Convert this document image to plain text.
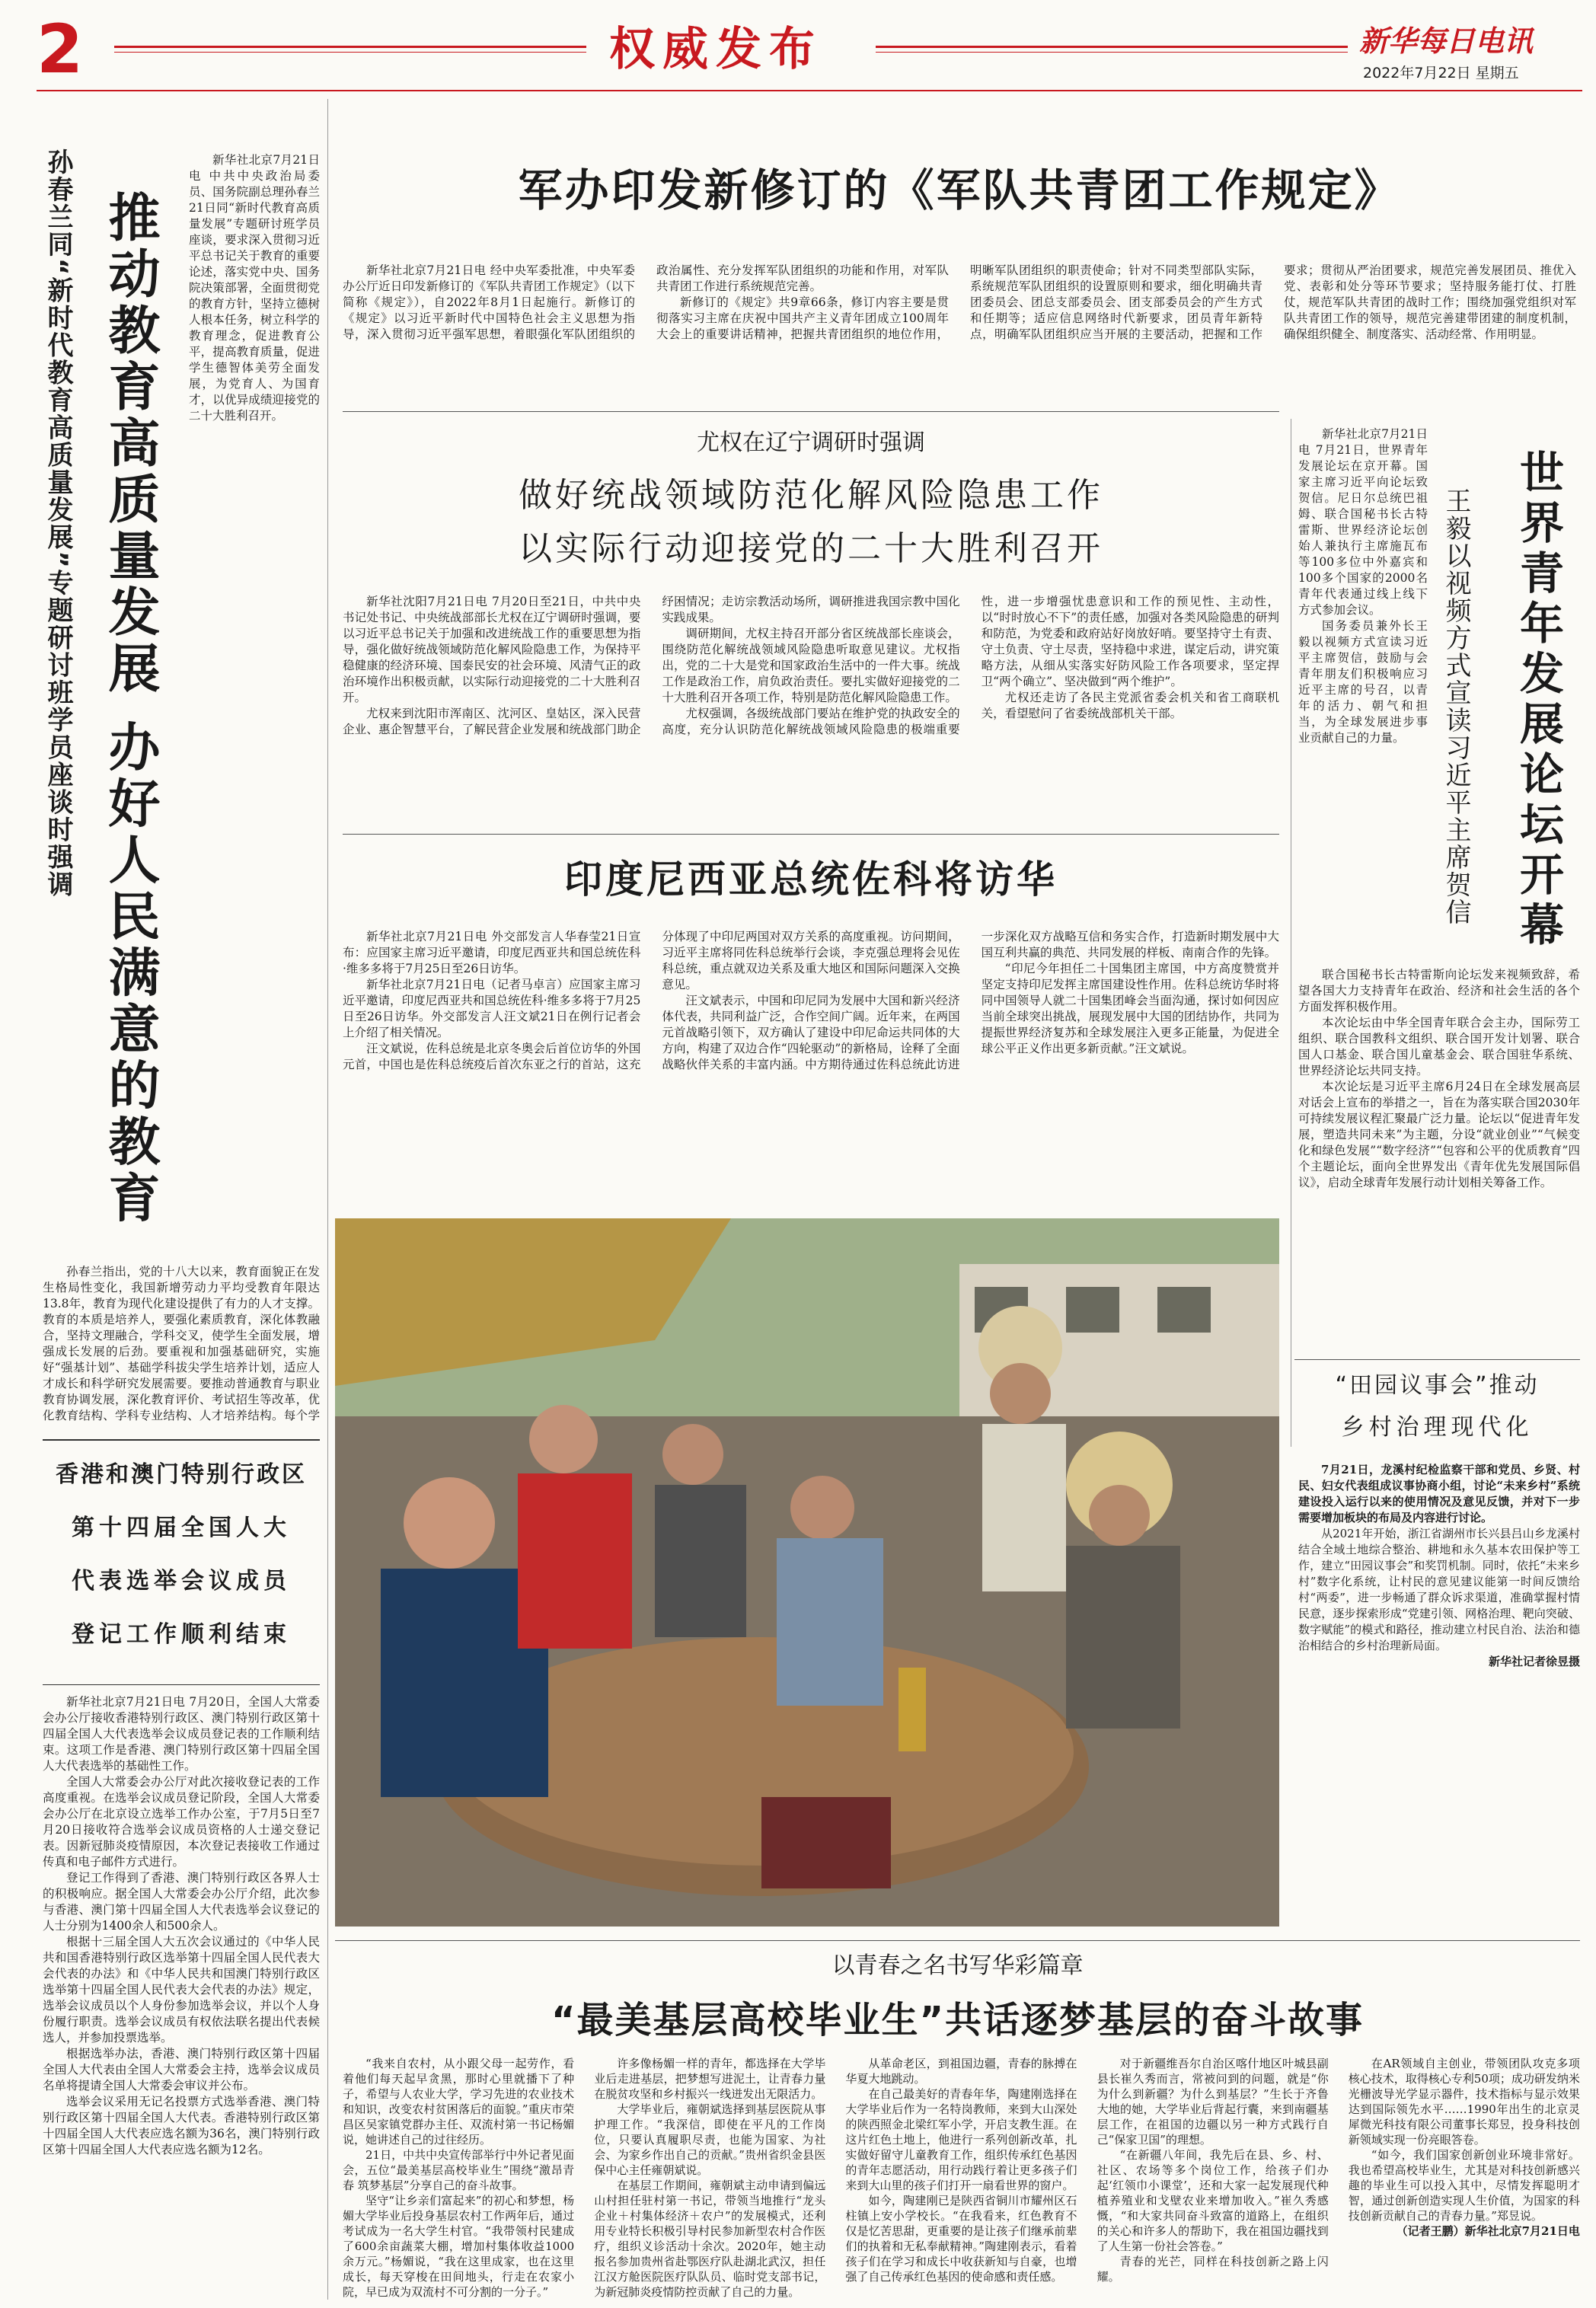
2	权威发布	新华每日电讯
2022年7月22日 星期五
孙春兰同“新时代教育高质量发展”专题研讨班学员座谈时强调 推动教育高质量发展 办好人民满意的教育

新华社北京7月21日电 中共中央政治局委员、国务院副总理孙春兰21日同“新时代教育高质量发展”专题研讨班学员座谈，要求深入贯彻习近平总书记关于教育的重要论述，落实党中央、国务院决策部署，全面贯彻党的教育方针，坚持立德树人根本任务，树立科学的教育理念，促进教育公平，提高教育质量，促进学生德智体美劳全面发展，为党育人、为国育才，以优异成绩迎接党的二十大胜利召开。

孙春兰指出，党的十八大以来，教育面貌正在发生格局性变化，我国新增劳动力平均受教育年限达13.8年，教育为现代化建设提供了有力的人才支撑。教育的本质是培养人，要强化素质教育，深化体教融合，坚持文理融合，学科交叉，使学生全面发展，增强成长发展的后劲。要重视和加强基础研究，实施好“强基计划”、基础学科拔尖学生培养计划，适应人才成长和科学研究发展需要。要推动普通教育与职业教育协调发展，深化教育评价、考试招生等改革，优化教育结构、学科专业结构、人才培养结构。每个学

香港和澳门特别行政区
第十四届全国人大
代表选举会议成员
登记工作顺利结束

新华社北京7月21日电 7月20日，全国人大常委会办公厅接收香港特别行政区、澳门特别行政区第十四届全国人大代表选举会议成员登记表的工作顺利结束。这项工作是香港、澳门特别行政区第十四届全国人大代表选举的基础性工作。

全国人大常委会办公厅对此次接收登记表的工作高度重视。在选举会议成员登记阶段，全国人大常委会办公厅在北京设立选举工作办公室，于7月5日至7月20日接收符合选举会议成员资格的人士递交登记表。因新冠肺炎疫情原因，本次登记表接收工作通过传真和电子邮件方式进行。

登记工作得到了香港、澳门特别行政区各界人士的积极响应。据全国人大常委会办公厅介绍，此次参与香港、澳门第十四届全国人大代表选举会议登记的人士分别为1400余人和500余人。

根据十三届全国人大五次会议通过的《中华人民共和国香港特别行政区选举第十四届全国人民代表大会代表的办法》和《中华人民共和国澳门特别行政区选举第十四届全国人民代表大会代表的办法》规定，选举会议成员以个人身份参加选举会议，并以个人身份履行职责。选举会议成员有权依法联名提出代表候选人，并参加投票选举。

根据选举办法，香港、澳门特别行政区第十四届全国人大代表由全国人大常委会主持，选举会议成员名单将提请全国人大常委会审议并公布。

选举会议采用无记名投票方式选举香港、澳门特别行政区第十四届全国人大代表。香港特别行政区第十四届全国人大代表应选名额为36名，澳门特别行政区第十四届全国人大代表应选名额为12名。

军办印发新修订的《军队共青团工作规定》

新华社北京7月21日电 经中央军委批准，中央军委办公厅近日印发新修订的《军队共青团工作规定》（以下简称《规定》），自2022年8月1日起施行。新修订的《规定》以习近平新时代中国特色社会主义思想为指导，深入贯彻习近平强军思想，着眼强化军队团组织的政治属性、充分发挥军队团组织的功能和作用，对军队共青团工作进行系统规范完善。

新修订的《规定》共9章66条，修订内容主要是贯彻落实习主席在庆祝中国共产主义青年团成立100周年大会上的重要讲话精神，把握共青团组织的地位作用，明晰军队团组织的职责使命；针对不同类型部队实际，系统规范军队团组织的设置原则和要求，细化明确共青团委员会、团总支部委员会、团支部委员会的产生方式和任期等；适应信息网络时代新要求，团员青年新特点，明确军队团组织应当开展的主要活动，把握和工作要求；贯彻从严治团要求，规范完善发展团员、推优入党、表彰和处分等环节要求；坚持服务能打仗、打胜仗，规范军队共青团的战时工作；围绕加强党组织对军队共青团工作的领导，规范完善建带团建的制度机制，确保组织健全、制度落实、活动经常、作用明显。

尤权在辽宁调研时强调
做好统战领域防范化解风险隐患工作
以实际行动迎接党的二十大胜利召开

新华社沈阳7月21日电 7月20日至21日，中共中央书记处书记、中央统战部部长尤权在辽宁调研时强调，要以习近平总书记关于加强和改进统战工作的重要思想为指导，强化做好统战领域防范化解风险隐患工作，为保持平稳健康的经济环境、国泰民安的社会环境、风清气正的政治环境作出积极贡献，以实际行动迎接党的二十大胜利召开。

尤权来到沈阳市浑南区、沈河区、皇姑区，深入民营企业、惠企智慧平台，了解民营企业发展和统战部门助企纾困情况；走访宗教活动场所，调研推进我国宗教中国化实践成果。

调研期间，尤权主持召开部分省区统战部长座谈会，围绕防范化解统战领域风险隐患听取意见建议。尤权指出，党的二十大是党和国家政治生活中的一件大事。统战工作是政治工作，肩负政治责任。要扎实做好迎接党的二十大胜利召开各项工作，特别是防范化解风险隐患工作。

尤权强调，各级统战部门要站在维护党的执政安全的高度，充分认识防范化解统战领域风险隐患的极端重要性，进一步增强忧患意识和工作的预见性、主动性，以“时时放心不下”的责任感，加强对各类风险隐患的研判和防范，为党委和政府站好岗放好哨。要坚持守土有责、守土负责、守土尽责，坚持稳中求进，谋定后动，讲究策略方法，从细从实落实好防风险工作各项要求，坚定捍卫“两个确立”、坚决做到“两个维护”。

尤权还走访了各民主党派省委会机关和省工商联机关，看望慰问了省委统战部机关干部。

印度尼西亚总统佐科将访华

新华社北京7月21日电 外交部发言人华春莹21日宣布：应国家主席习近平邀请，印度尼西亚共和国总统佐科·维多多将于7月25日至26日访华。

新华社北京7月21日电（记者马卓言）应国家主席习近平邀请，印度尼西亚共和国总统佐科·维多多将于7月25日至26日访华。外交部发言人汪文斌21日在例行记者会上介绍了相关情况。

汪文斌说，佐科总统是北京冬奥会后首位访华的外国元首，中国也是佐科总统疫后首次东亚之行的首站，这充分体现了中印尼两国对双方关系的高度重视。访问期间，习近平主席将同佐科总统举行会谈，李克强总理将会见佐科总统，重点就双边关系及重大地区和国际问题深入交换意见。

汪文斌表示，中国和印尼同为发展中大国和新兴经济体代表，共同利益广泛，合作空间广阔。近年来，在两国元首战略引领下，双方确认了建设中印尼命运共同体的大方向，构建了双边合作“四轮驱动”的新格局，诠释了全面战略伙伴关系的丰富内涵。中方期待通过佐科总统此访进一步深化双方战略互信和务实合作，打造新时期发展中大国互利共赢的典范、共同发展的样板、南南合作的先锋。

“印尼今年担任二十国集团主席国，中方高度赞赏并坚定支持印尼发挥主席国建设性作用。佐科总统访华时将同中国领导人就二十国集团峰会当面沟通，探讨如何因应当前全球突出挑战，展现发展中大国的团结协作，共同为提振世界经济复苏和全球发展注入更多正能量，为促进全球公平正义作出更多新贡献。”汪文斌说。

世界青年发展论坛开幕
王毅以视频方式宣读习近平主席贺信

新华社北京7月21日电 7月21日，世界青年发展论坛在京开幕。国家主席习近平向论坛致贺信。尼日尔总统巴祖姆、联合国秘书长古特雷斯、世界经济论坛创始人兼执行主席施瓦布等100多位中外嘉宾和100多个国家的2000名青年代表通过线上线下方式参加会议。

国务委员兼外长王毅以视频方式宣读习近平主席贺信，鼓励与会青年朋友们积极响应习近平主席的号召，以青年的活力、朝气和担当，为全球发展进步事业贡献自己的力量。

联合国秘书长古特雷斯向论坛发来视频致辞，希望各国大力支持青年在政治、经济和社会生活的各个方面发挥积极作用。

本次论坛由中华全国青年联合会主办，国际劳工组织、联合国教科文组织、联合国开发计划署、联合国人口基金、联合国儿童基金会、联合国驻华系统、世界经济论坛共同支持。

本次论坛是习近平主席6月24日在全球发展高层对话会上宣布的举措之一，旨在为落实联合国2030年可持续发展议程汇聚最广泛力量。论坛以“促进青年发展，塑造共同未来”为主题，分设“就业创业”“气候变化和绿色发展”“数字经济”“包容和公平的优质教育”四个主题论坛，面向全世界发出《青年优先发展国际倡议》，启动全球青年发展行动计划相关筹备工作。

“田园议事会”推动
乡村治理现代化

7月21日，龙溪村纪检监察干部和党员、乡贤、村民、妇女代表组成议事协商小组，讨论“未来乡村”系统建设投入运行以来的使用情况及意见反馈，并对下一步需要增加板块的布局及内容进行讨论。

从2021年开始，浙江省湖州市长兴县吕山乡龙溪村结合全域土地综合整治、耕地和永久基本农田保护等工作，建立“田园议事会”和奖罚机制。同时，依托“未来乡村”数字化系统，让村民的意见建议能第一时间反馈给村“两委”，进一步畅通了群众诉求渠道，准确掌握村情民意，逐步探索形成“党建引领、网格治理、靶向突破、数字赋能”的模式和路径，推动建立村民自治、法治和德治相结合的乡村治理新局面。

新华社记者徐昱摄
以青春之名书写华彩篇章
“最美基层高校毕业生”共话逐梦基层的奋斗故事

“我来自农村，从小跟父母一起劳作，看着他们每天起早贪黑，那时心里就播下了种子，希望与人农业大学，学习先进的农业技术和知识，改变农村贫困落后的面貌。”重庆市荣昌区吴家镇党群办主任、双流村第一书记杨媚说，她讲述自己的过往经历。

21日，中共中央宣传部举行中外记者见面会，五位“最美基层高校毕业生”围绕“激昂青春 筑梦基层”分享自己的奋斗故事。

坚守“让乡亲们富起来”的初心和梦想，杨媚大学毕业后投身基层农村工作两年后，通过考试成为一名大学生村官。“我带领村民建成了600余亩蔬菜大棚，增加村集体收益1000余万元。”杨媚说，“我在这里成家，也在这里成长，每天穿梭在田间地头，行走在农家小院，早已成为双流村不可分割的一分子。”

许多像杨媚一样的青年，都选择在大学毕业后走进基层，把梦想写进泥土，让青春力量在脱贫攻坚和乡村振兴一线迸发出无限活力。

大学毕业后，雍朝斌选择到基层医院从事护理工作。“我深信，即使在平凡的工作岗位，只要认真履职尽责，也能为国家、为社会、为家乡作出自己的贡献。”贵州省织金县医保中心主任雍朝斌说。

在基层工作期间，雍朝斌主动申请到偏远山村担任驻村第一书记，带领当地推行“龙头企业＋村集体经济＋农户”的发展模式，还利用专业特长积极引导村民参加新型农村合作医疗，组织义诊活动十余次。2020年，她主动报名参加贵州省赴鄂医疗队赴湖北武汉，担任江汉方舱医院医疗队队员、临时党支部书记，为新冠肺炎疫情防控贡献了自己的力量。

从革命老区，到祖国边疆，青春的脉搏在华夏大地跳动。

在自己最美好的青春年华，陶建刚选择在大学毕业后作为一名特岗教师，来到大山深处的陕西照金北梁红军小学，开启支教生涯。在这片红色土地上，他进行一系列创新改革，扎实做好留守儿童教育工作，组织传承红色基因的青年志愿活动，用行动践行着让更多孩子们来到大山里的孩子们打开一扇看世界的窗户。

如今，陶建刚已是陕西省铜川市耀州区石柱镇上安小学校长。“在我看来，红色教育不仅是忆苦思甜，更重要的是让孩子们继承前辈们的执着和无私奉献精神。”陶建刚表示，看着孩子们在学习和成长中收获新知与自豪，也增强了自己传承红色基因的使命感和责任感。

对于新疆维吾尔自治区喀什地区叶城县副县长崔久秀而言，常被问到的问题，就是“你为什么到新疆？为什么到基层？”生长于齐鲁大地的她，大学毕业后背起行囊，来到南疆基层工作，在祖国的边疆以另一种方式践行自己“保家卫国”的理想。

“在新疆八年间，我先后在县、乡、村、社区、农场等多个岗位工作，给孩子们办起‘红领巾小课堂’，还和大家一起发展现代种植养殖业和戈壁农业来增加收入。”崔久秀感慨，“和大家共同奋斗致富的道路上，在组织的关心和许多人的帮助下，我在祖国边疆找到了人生第一份社会答卷。”

青春的光芒，同样在科技创新之路上闪耀。

在AR领域自主创业，带领团队攻克多项核心技术，取得核心专利50项；成功研发纳米光栅波导光学显示器件，技术指标与显示效果达到国际领先水平……1990年出生的北京灵犀微光科技有限公司董事长郑昱，投身科技创新领域实现一份亮眼答卷。

“如今，我们国家创新创业环境非常好。我也希望高校毕业生，尤其是对科技创新感兴趣的毕业生可以投入其中，尽情发挥聪明才智，通过创新创造实现人生价值，为国家的科技创新贡献自己的青春力量。”郑昱说。

（记者王鹏）新华社北京7月21日电
